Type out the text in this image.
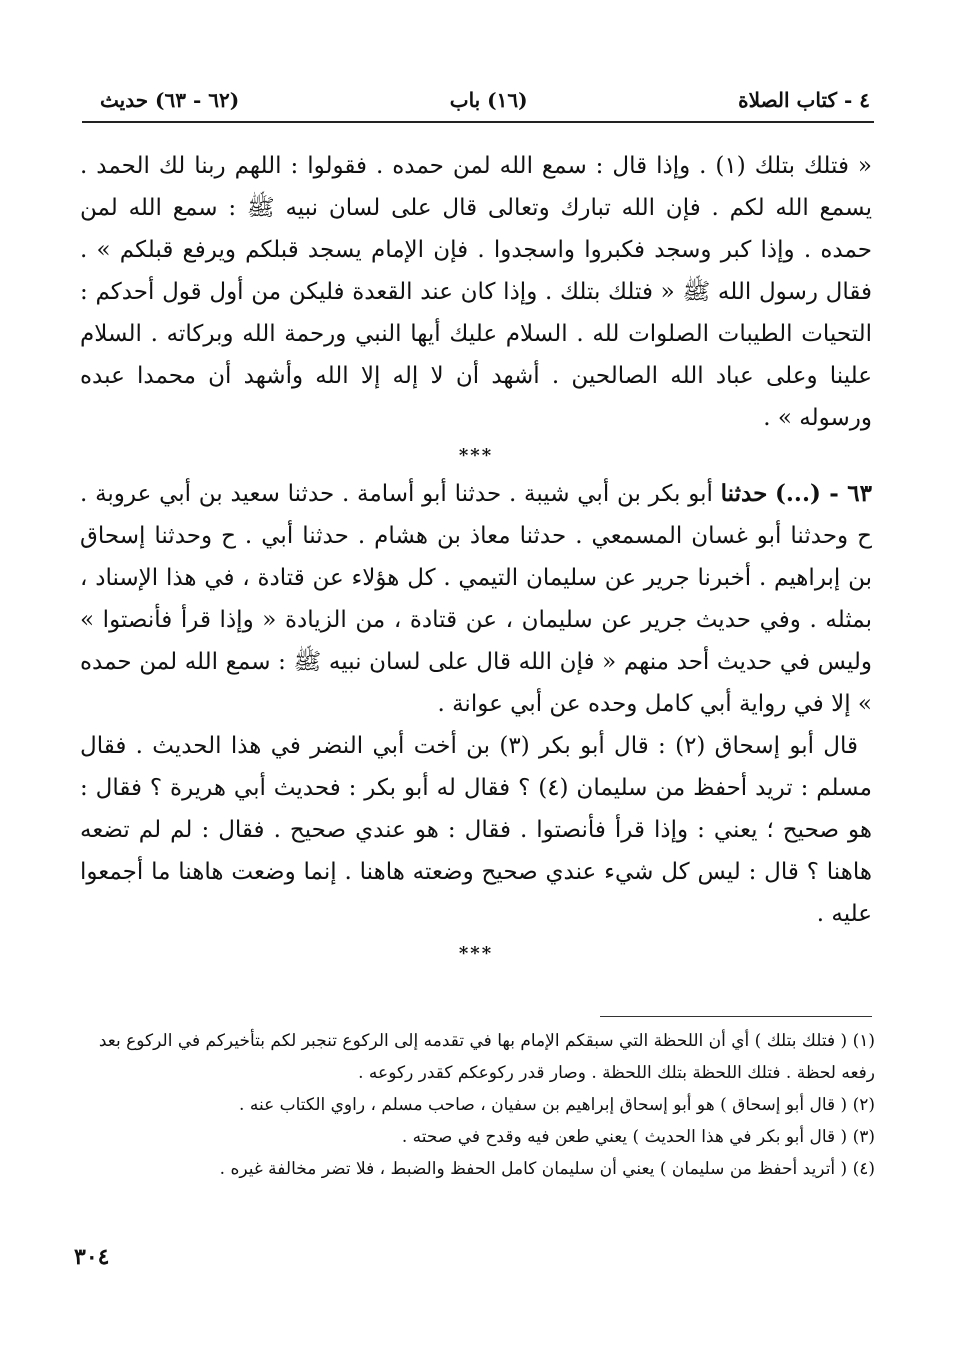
٤ - كتاب الصلاة
(١٦) باب
(٦٢ - ٦٣) حديث

« فتلك بتلك (١) . وإذا قال : سمع الله لمن حمده . فقولوا : اللهم ربنا لك الحمد . يسمع الله لكم . فإن الله تبارك وتعالى قال على لسان نبيه ﷺ : سمع الله لمن حمده . وإذا كبر وسجد فكبروا واسجدوا . فإن الإمام يسجد قبلكم ويرفع قبلكم » . فقال رسول الله ﷺ « فتلك بتلك . وإذا كان عند القعدة فليكن من أول قول أحدكم : التحيات الطيبات الصلوات لله . السلام عليك أيها النبي ورحمة الله وبركاته . السلام علينا وعلى عباد الله الصالحين . أشهد أن لا إله إلا الله وأشهد أن محمدا عبده ورسوله » .

***

٦٣ - (...) حدثنا أبو بكر بن أبي شيبة . حدثنا أبو أسامة . حدثنا سعيد بن أبي عروبة . ح وحدثنا أبو غسان المسمعي . حدثنا معاذ بن هشام . حدثنا أبي . ح وحدثنا إسحاق بن إبراهيم . أخبرنا جرير عن سليمان التيمي . كل هؤلاء عن قتادة ، في هذا الإسناد ، بمثله . وفي حديث جرير عن سليمان ، عن قتادة ، من الزيادة « وإذا قرأ فأنصتوا » وليس في حديث أحد منهم « فإن الله قال على لسان نبيه ﷺ : سمع الله لمن حمده » إلا في رواية أبي كامل وحده عن أبي عوانة .

قال أبو إسحاق (٢) : قال أبو بكر (٣) بن أخت أبي النضر في هذا الحديث . فقال مسلم : تريد أحفظ من سليمان (٤) ؟ فقال له أبو بكر : فحديث أبي هريرة ؟ فقال : هو صحيح ؛ يعني : وإذا قرأ فأنصتوا . فقال : هو عندي صحيح . فقال : لم لم تضعه هاهنا ؟ قال : ليس كل شيء عندي صحيح وضعته هاهنا . إنما وضعت هاهنا ما أجمعوا عليه .

***

(١) ( فتلك بتلك ) أي أن اللحظة التي سبقكم الإمام بها في تقدمه إلى الركوع تنجبر لكم بتأخيركم في الركوع بعد رفعه لحظة . فتلك اللحظة بتلك اللحظة . وصار قدر ركوعكم كقدر ركوعه .

(٢) ( قال أبو إسحاق ) هو أبو إسحاق إبراهيم بن سفيان ، صاحب مسلم ، راوي الكتاب عنه .

(٣) ( قال أبو بكر في هذا الحديث ) يعني طعن فيه وقدح في صحته .

(٤) ( أتريد أحفظ من سليمان ) يعني أن سليمان كامل الحفظ والضبط ، فلا تضر مخالفة غيره .

٣٠٤
